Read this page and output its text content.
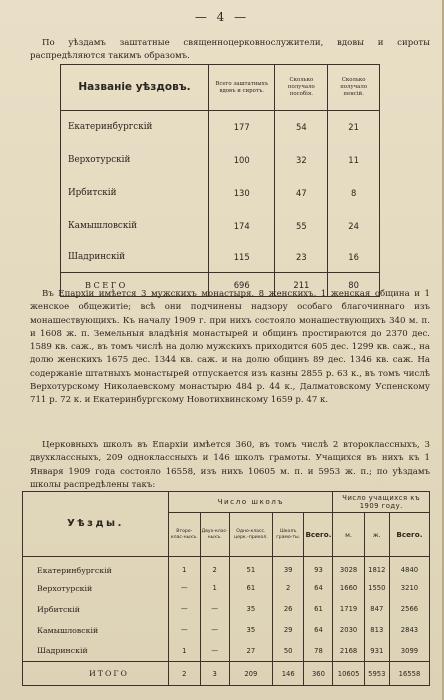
— 4 —

По уѣздамъ заштатные священноцерковнослужители, вдовы и сироты распредѣляются такимъ образомъ.

Названіе уѣздовъ.	Всего заштатныхъ вдовъ и сиротъ.	Сколько получало пособія.	Сколько получало пенсій.
Екатеринбургскій	177	54	21
Верхотурскій	100	32	11
Ирбитскій	130	47	8
Камышловскій	174	55	24
Шадринскій	115	23	16
ВСЕГО	696	211	80

Въ Епархіи имѣется 3 мужскихъ монастыря, 8 женскихъ, 1 женская община и 1 женское общежитіе; всѣ они подчинены надзору особаго благочиннаго изъ монашествующихъ. Къ началу 1909 г. при нихъ состояло монашествующихъ 340 м. п. и 1608 ж. п. Земельныя владѣнія монастырей и общинъ простираются до 2370 дес. 1589 кв. саж., въ томъ числѣ на долю мужскихъ приходится 605 дес. 1299 кв. саж., на долю женскихъ 1675 дес. 1344 кв. саж. и на долю общинъ 89 дес. 1346 кв. саж. На содержаніе штатныхъ монастырей отпускается изъ казны 2855 р. 63 к., въ томъ числѣ Верхотурскому Николаевскому монастырю 484 р. 44 к., Далматовскому Успенскому 711 р. 72 к. и Екатеринбургскому Новотихвинскому 1659 р. 47 к.

Церковныхъ школъ въ Епархіи имѣется 360, въ томъ числѣ 2 второклассныхъ, 3 двухклассныхъ, 209 одноклассныхъ и 146 школъ грамоты. Учащихся въ нихъ къ 1 Января 1909 года состояло 16558, изъ нихъ 10605 м. п. и 5953 ж. п.; по уѣздамъ школы распредѣлены такъ:

Уѣзды.	Число школъ					Число учащихся къ 1909 году.		
	Второ-клас-ныхъ.	Двух-клас-ныхъ.	Одно-класс. церк.-прихол.	Школъ грамо-ты.	Всего.	м.	ж.	Всего.
Екатеринбургскій	1	2	51	39	93	3028	1812	4840
Верхотурскій	—	1	61	2	64	1660	1550	3210
Ирбитскій	—	—	35	26	61	1719	847	2566
Камышловскій	—	—	35	29	64	2030	813	2843
Шадринскій	1	—	27	50	78	2168	931	3099
ИТОГО	2	3	209	146	360	10605	5953	16558
